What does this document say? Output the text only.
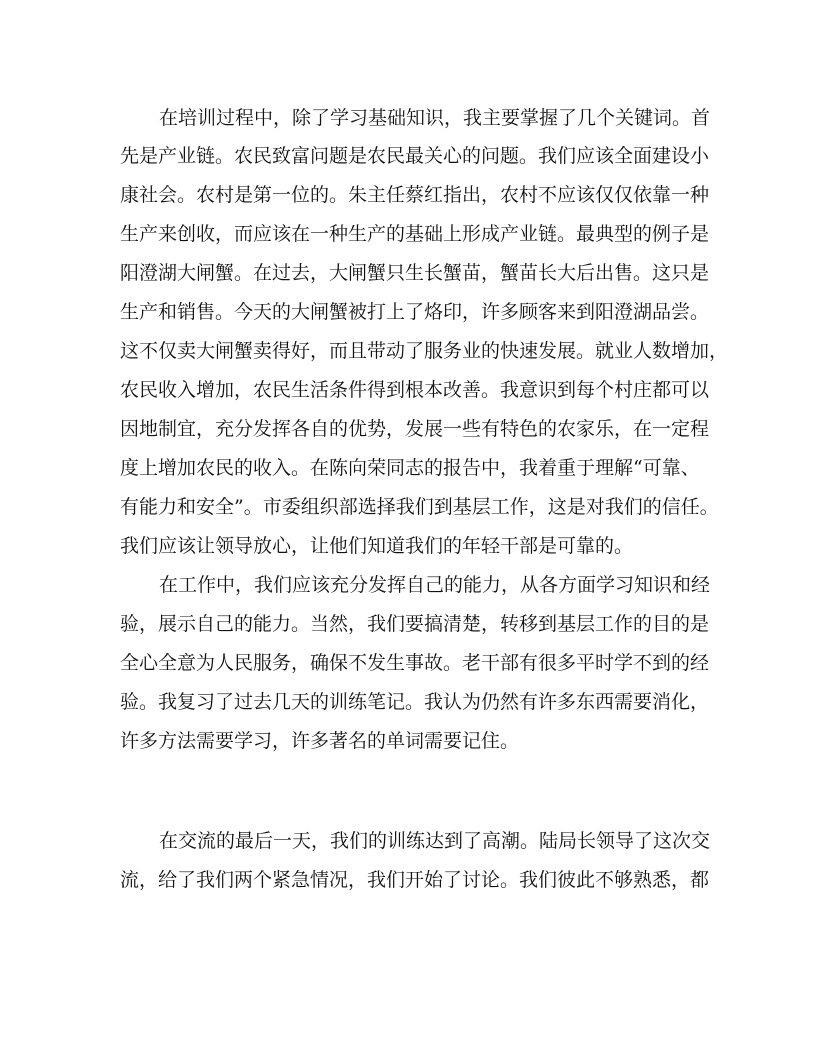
在培训过程中，除了学习基础知识，我主要掌握了几个关键词。首

先是产业链。农民致富问题是农民最关心的问题。我们应该全面建设小

康社会。农村是第一位的。朱主任蔡红指出，农村不应该仅仅依靠一种

生产来创收，而应该在一种生产的基础上形成产业链。最典型的例子是

阳澄湖大闸蟹。在过去，大闸蟹只生长蟹苗，蟹苗长大后出售。这只是

生产和销售。今天的大闸蟹被打上了烙印，许多顾客来到阳澄湖品尝。

这不仅卖大闸蟹卖得好，而且带动了服务业的快速发展。就业人数增加，

农民收入增加，农民生活条件得到根本改善。我意识到每个村庄都可以

因地制宜，充分发挥各自的优势，发展一些有特色的农家乐，在一定程

度上增加农民的收入。在陈向荣同志的报告中，我着重于理解“可靠、

有能力和安全”。市委组织部选择我们到基层工作，这是对我们的信任。

我们应该让领导放心，让他们知道我们的年轻干部是可靠的。

在工作中，我们应该充分发挥自己的能力，从各方面学习知识和经

验，展示自己的能力。当然，我们要搞清楚，转移到基层工作的目的是

全心全意为人民服务，确保不发生事故。老干部有很多平时学不到的经

验。我复习了过去几天的训练笔记。我认为仍然有许多东西需要消化，

许多方法需要学习，许多著名的单词需要记住。

在交流的最后一天，我们的训练达到了高潮。陆局长领导了这次交

流，给了我们两个紧急情况，我们开始了讨论。我们彼此不够熟悉，都
